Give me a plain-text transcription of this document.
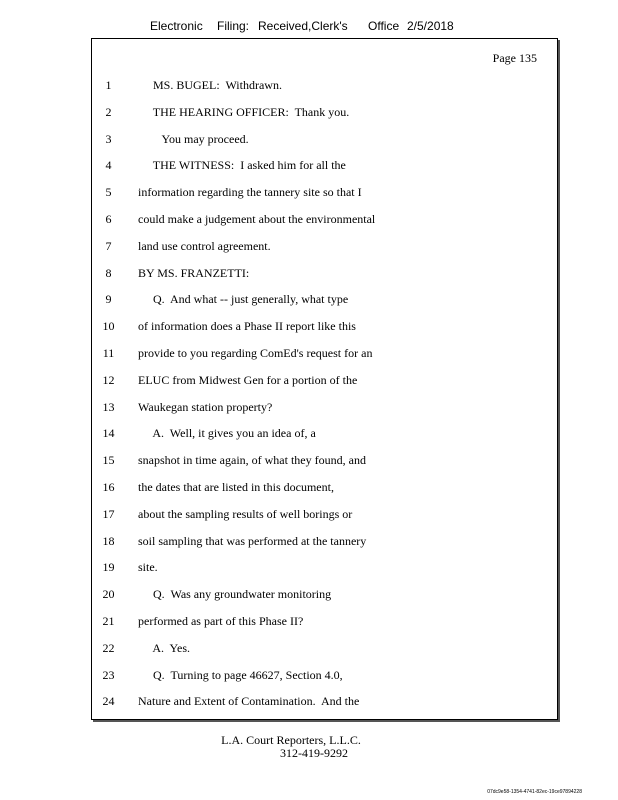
Electronic Filing: Received,Clerk's Office 2/5/2018
Page 135
1	MS. BUGEL:  Withdrawn.
2	THE HEARING OFFICER:  Thank you.
3	You may proceed.
4	THE WITNESS:  I asked him for all the
5	information regarding the tannery site so that I
6	could make a judgement about the environmental
7	land use control agreement.
8	BY MS. FRANZETTI:
9	Q.  And what -- just generally, what type
10	of information does a Phase II report like this
11	provide to you regarding ComEd's request for an
12	ELUC from Midwest Gen for a portion of the
13	Waukegan station property?
14	A.  Well, it gives you an idea of, a
15	snapshot in time again, of what they found, and
16	the dates that are listed in this document,
17	about the sampling results of well borings or
18	soil sampling that was performed at the tannery
19	site.
20	Q.  Was any groundwater monitoring
21	performed as part of this Phase II?
22	A.  Yes.
23	Q.  Turning to page 46627, Section 4.0,
24	Nature and Extent of Contamination.  And the
L.A. Court Reporters, L.L.C.
312-419-9292
07dc9e58-1354-4741-82ec-19ce97894228
